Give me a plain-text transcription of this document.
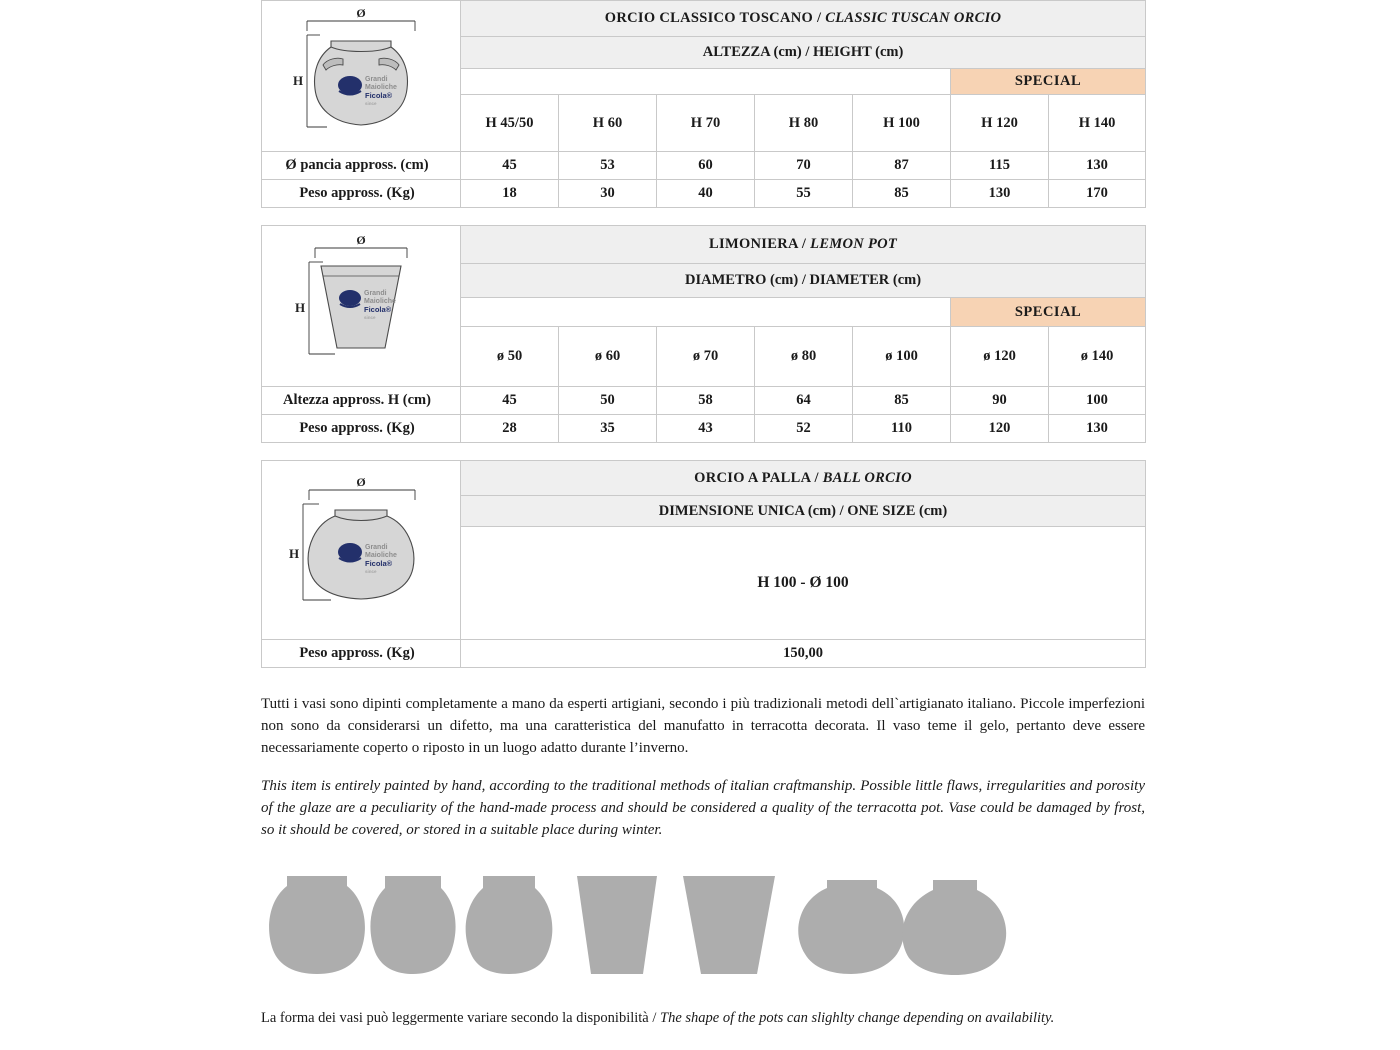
Ø
H	Grandi
Maioliche
Ficola®
since
	ORCIO CLASSICO TOSCANO / CLASSIC TUSCAN ORCIO
	ALTEZZA (cm) / HEIGHT (cm)						
						SPECIAL	
	H 45/50	H 60	H 70	H 80	H 100	H 120	H 140
Ø pancia appross. (cm)	45	53	60	70	87	115	130
Peso appross. (Kg)	18	30	40	55	85	130	170
Ø
H
Grandi
Maioliche
Ficola®
since
	LIMONIERA / LEMON POT
	DIAMETRO (cm) / DIAMETER (cm)						
						SPECIAL	
	ø 50	ø 60	ø 70	ø 80	ø 100	ø 120	ø 140
Altezza appross. H (cm)	45	50	58	64	85	90	100
Peso appross. (Kg)	28	35	43	52	110	120	130
Ø
H	Grandi
Maioliche
Ficola®
since
	ORCIO A PALLA / BALL ORCIO
	DIMENSIONE UNICA (cm) / ONE SIZE (cm)
	H 100 - Ø 100
Peso appross. (Kg)	150,00
Tutti i vasi sono dipinti completamente a mano da esperti artigiani, secondo i più tradizionali metodi dell`artigianato italiano. Piccole imperfezioni non sono da considerarsi un difetto, ma una caratteristica del manufatto in terracotta decorata. Il vaso teme il gelo, pertanto deve essere necessariamente coperto o riposto in un luogo adatto durante l’inverno.
This item is entirely painted by hand, according to the traditional methods of italian craftmanship. Possible little flaws, irregularities and porosity of the glaze are a peculiarity of the hand-made process and should be considered a quality of the terracotta pot. Vase could be damaged by frost, so it should be covered, or stored in a suitable place during winter.
La forma dei vasi può leggermente variare secondo la disponibilità / The shape of the pots can slighlty change depending on availability.
